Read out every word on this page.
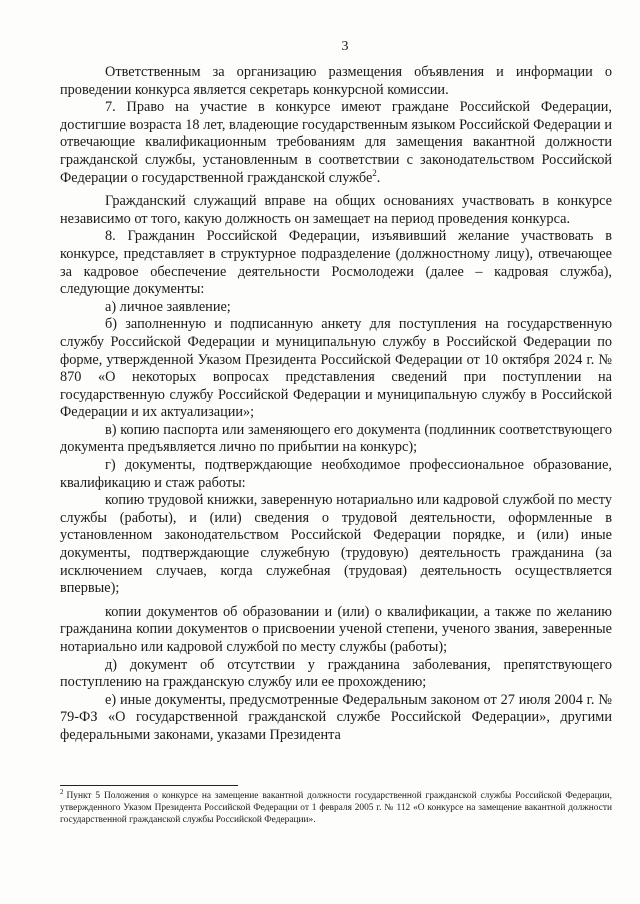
3

Ответственным за организацию размещения объявления и информации о проведении конкурса является секретарь конкурсной комиссии.

7. Право на участие в конкурсе имеют граждане Российской Федерации, достигшие возраста 18 лет, владеющие государственным языком Российской Федерации и отвечающие квалификационным требованиям для замещения вакантной должности гражданской службы, установленным в соответствии с законодательством Российской Федерации о государственной гражданской службе$^2$.

Гражданский служащий вправе на общих основаниях участвовать в конкурсе независимо от того, какую должность он замещает на период проведения конкурса.

8. Гражданин Российской Федерации, изъявивший желание участвовать в конкурсе, представляет в структурное подразделение (должностному лицу), отвечающее за кадровое обеспечение деятельности Росмолодежи (далее – кадровая служба), следующие документы:

а) личное заявление;

б) заполненную и подписанную анкету для поступления на государственную службу Российской Федерации и муниципальную службу в Российской Федерации по форме, утвержденной Указом Президента Российской Федерации от 10 октября 2024 г. № 870 «О некоторых вопросах представления сведений при поступлении на государственную службу Российской Федерации и муниципальную службу в Российской Федерации и их актуализации»;

в) копию паспорта или заменяющего его документа (подлинник соответствующего документа предъявляется лично по прибытии на конкурс);

г) документы, подтверждающие необходимое профессиональное образование, квалификацию и стаж работы:

копию трудовой книжки, заверенную нотариально или кадровой службой по месту службы (работы), и (или) сведения о трудовой деятельности, оформленные в установленном законодательством Российской Федерации порядке, и (или) иные документы, подтверждающие служебную (трудовую) деятельность гражданина (за исключением случаев, когда служебная (трудовая) деятельность осуществляется впервые);

копии документов об образовании и (или) о квалификации, а также по желанию гражданина копии документов о присвоении ученой степени, ученого звания, заверенные нотариально или кадровой службой по месту службы (работы);

д) документ об отсутствии у гражданина заболевания, препятствующего поступлению на гражданскую службу или ее прохождению;

е) иные документы, предусмотренные Федеральным законом от 27 июля 2004 г. № 79-ФЗ «О государственной гражданской службе Российской Федерации», другими федеральными законами, указами Президента

$^2$ Пункт 5 Положения о конкурсе на замещение вакантной должности государственной гражданской службы Российской Федерации, утвержденного Указом Президента Российской Федерации от 1 февраля 2005 г. № 112 «О конкурсе на замещение вакантной должности государственной гражданской службы Российской Федерации».
